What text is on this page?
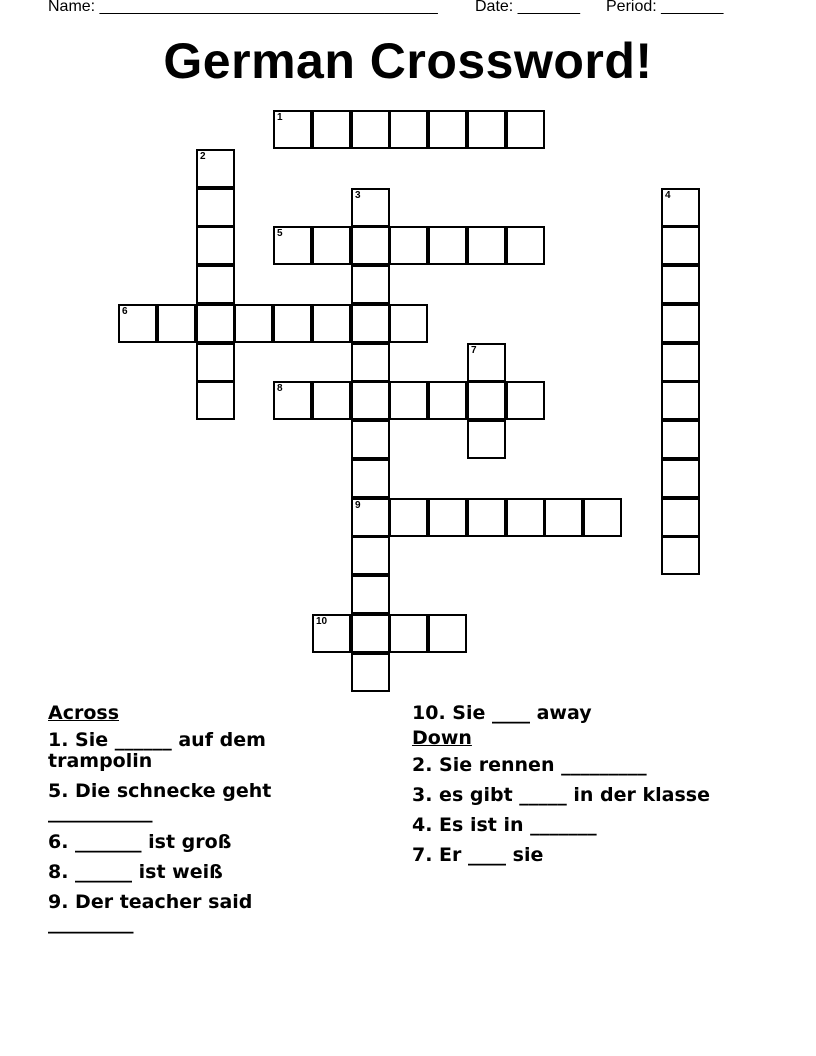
Name: ______________________________________ Date: _______ Period: _______
German Crossword!
1
2
3
9
4
5
6
7
8
10
Across
1. Sie ______ auf dem trampolin
5. Die schnecke geht ___________
6. _______ ist groß
8. ______ ist weiß
9. Der teacher said _________
10. Sie ____ away
Down
2. Sie rennen _________
3. es gibt _____ in der klasse
4. Es ist in _______
7. Er ____ sie
